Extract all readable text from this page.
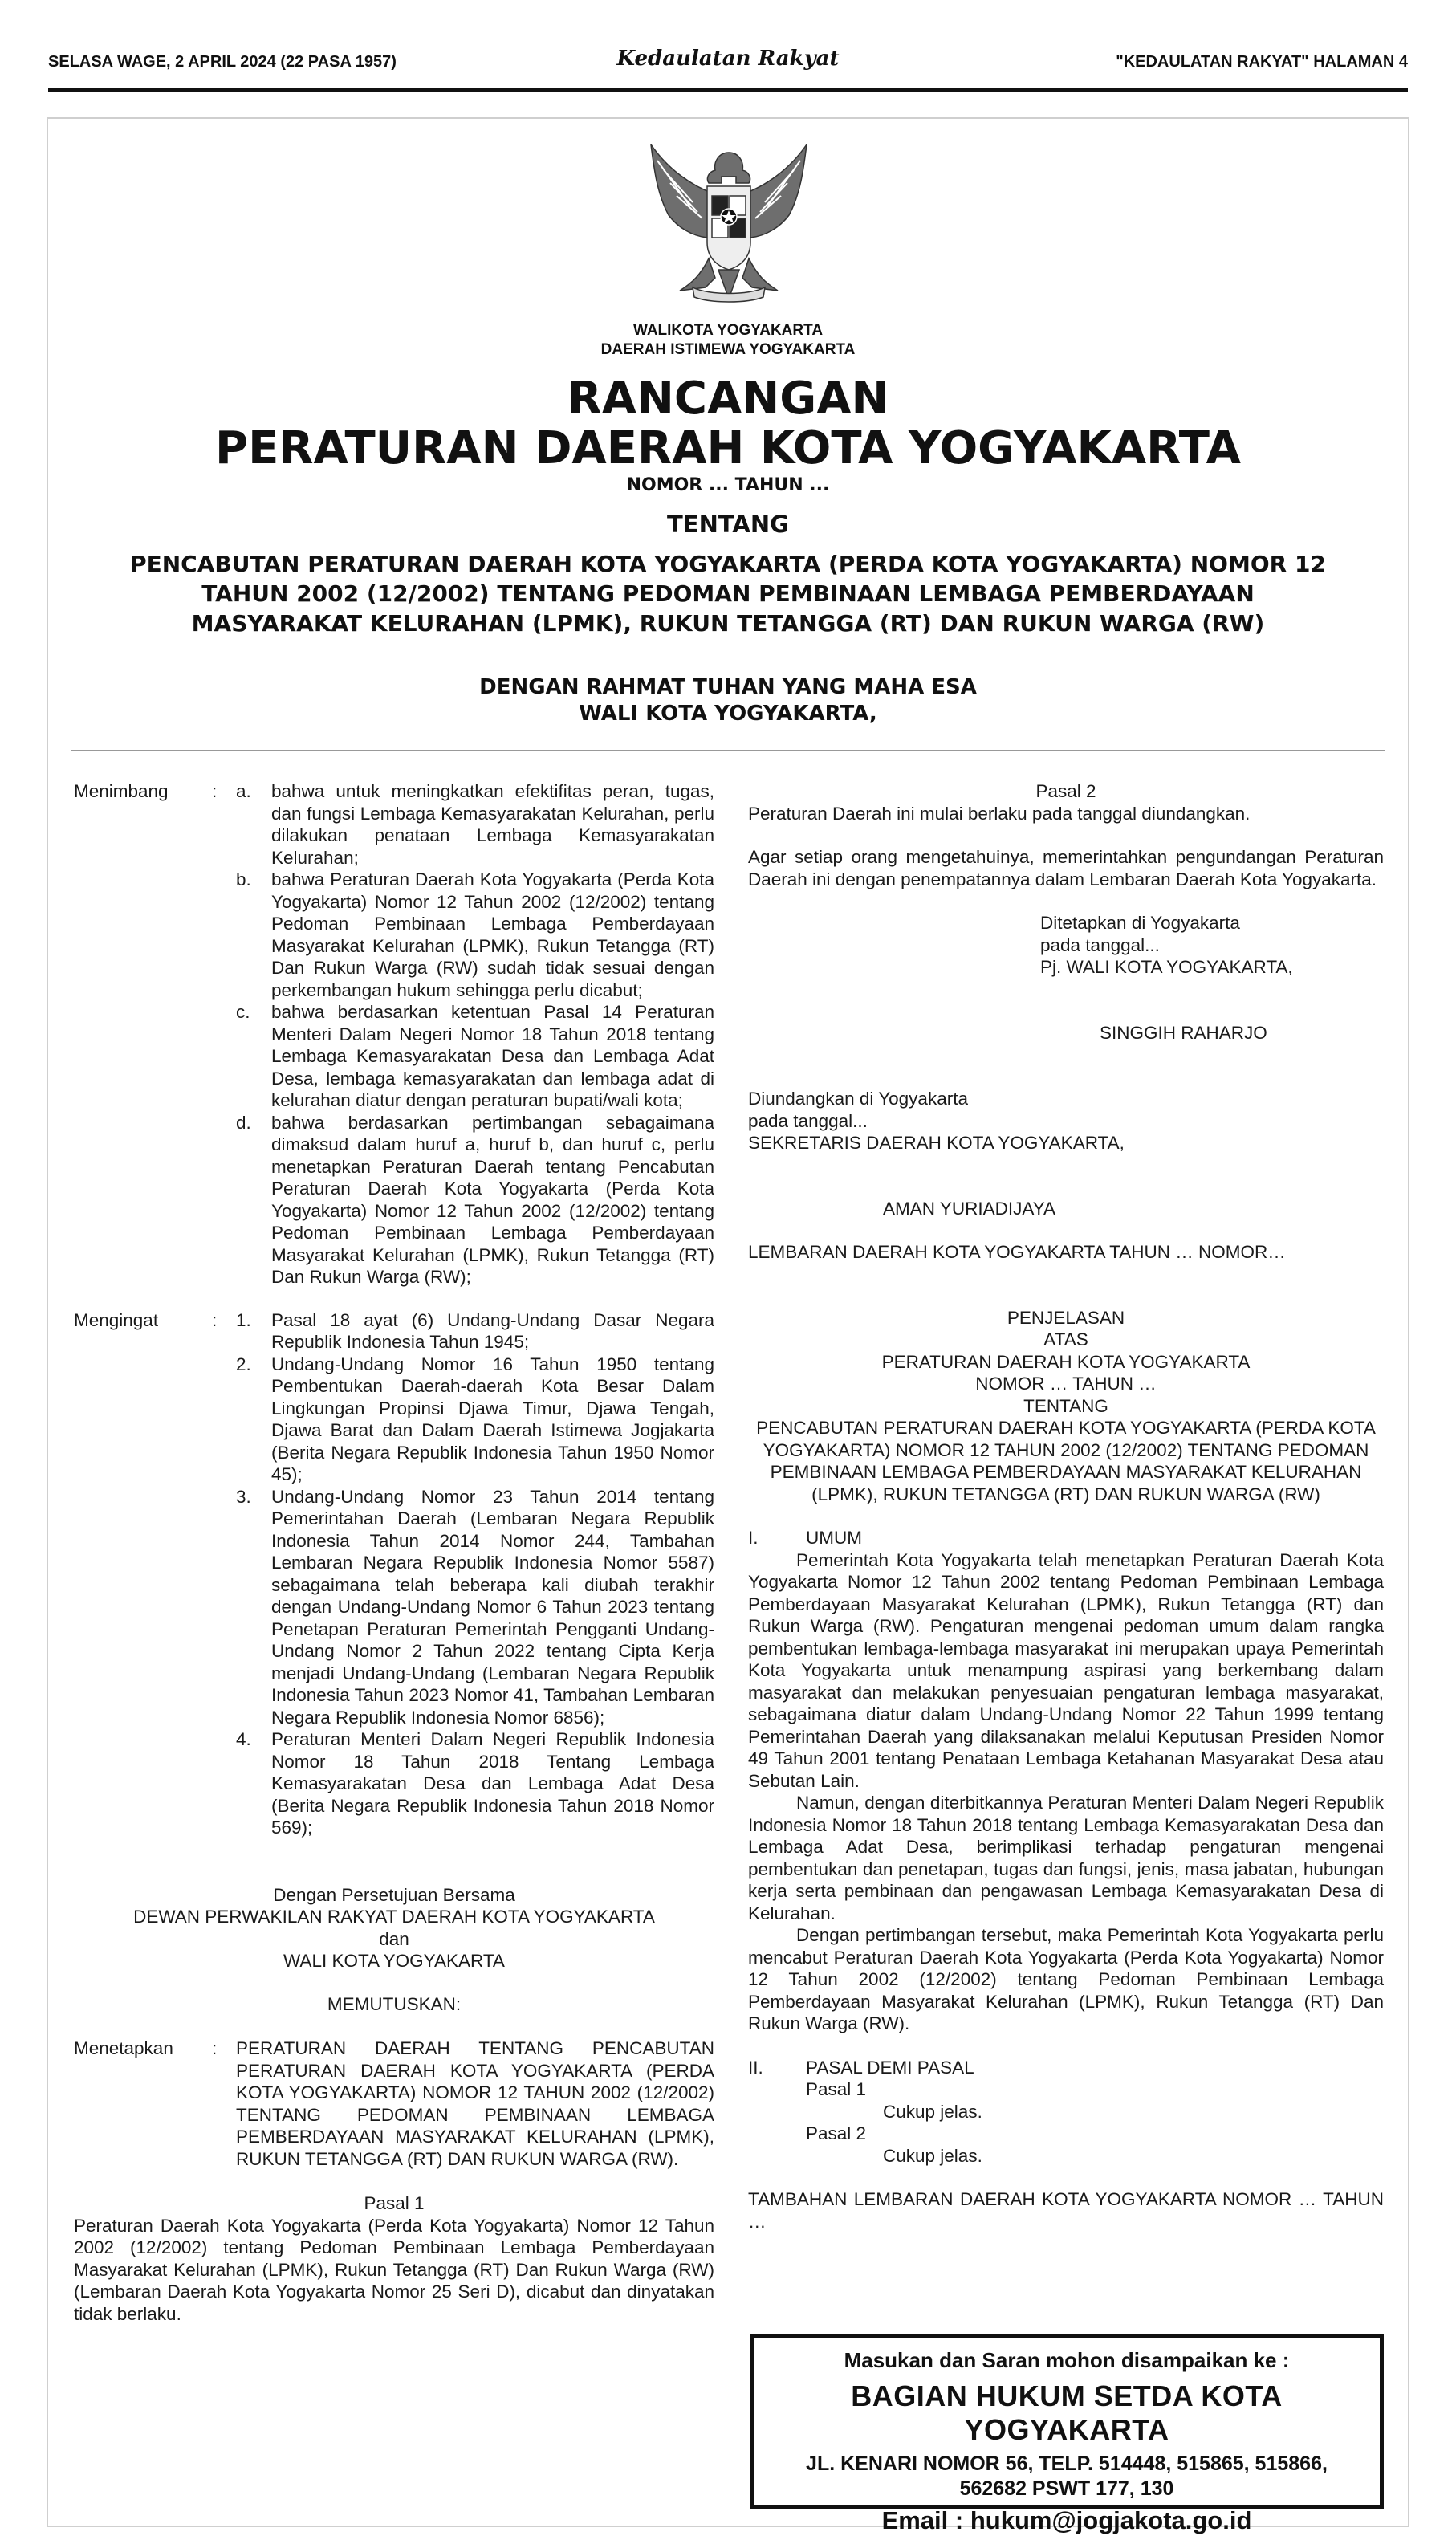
SELASA WAGE, 2 APRIL 2024 (22 PASA 1957)	Kedaulatan Rakyat	"KEDAULATAN RAKYAT" HALAMAN 4
WALIKOTA YOGYAKARTA
DAERAH ISTIMEWA YOGYAKARTA
RANCANGAN
PERATURAN DAERAH KOTA YOGYAKARTA
NOMOR ... TAHUN ...
TENTANG
PENCABUTAN PERATURAN DAERAH KOTA YOGYAKARTA (PERDA KOTA YOGYAKARTA) NOMOR 12 TAHUN 2002 (12/2002) TENTANG PEDOMAN PEMBINAAN LEMBAGA PEMBERDAYAAN MASYARAKAT KELURAHAN (LPMK), RUKUN TETANGGA (RT) DAN RUKUN WARGA (RW)
DENGAN RAHMAT TUHAN YANG MAHA ESA
WALI KOTA YOGYAKARTA,
Menimbang	:	a.	bahwa untuk meningkatkan efektifitas peran, tugas, dan fungsi Lembaga Kemasyarakatan Kelurahan, perlu dilakukan penataan Lembaga Kemasyarakatan Kelurahan;
b.	bahwa Peraturan Daerah Kota Yogyakarta (Perda Kota Yogyakarta) Nomor 12 Tahun 2002 (12/2002) tentang Pedoman Pembinaan Lembaga Pemberdayaan Masyarakat Kelurahan (LPMK), Rukun Tetangga (RT) Dan Rukun Warga (RW) sudah tidak sesuai dengan perkembangan hukum sehingga perlu dicabut;
c.	bahwa berdasarkan ketentuan Pasal 14 Peraturan Menteri Dalam Negeri Nomor 18 Tahun 2018 tentang Lembaga Kemasyarakatan Desa dan Lembaga Adat Desa, lembaga kemasyarakatan dan lembaga adat di kelurahan diatur dengan peraturan bupati/wali kota;
d.	bahwa berdasarkan pertimbangan sebagaimana dimaksud dalam huruf a, huruf b, dan huruf c, perlu menetapkan Peraturan Daerah tentang Pencabutan Peraturan Daerah Kota Yogyakarta (Perda Kota Yogyakarta) Nomor 12 Tahun 2002 (12/2002) tentang Pedoman Pembinaan Lembaga Pemberdayaan Masyarakat Kelurahan (LPMK), Rukun Tetangga (RT) Dan Rukun Warga (RW);
Mengingat	:	1.	Pasal 18 ayat (6) Undang-Undang Dasar Negara Republik Indonesia Tahun 1945;
2.	Undang-Undang Nomor 16 Tahun 1950 tentang Pembentukan Daerah-daerah Kota Besar Dalam Lingkungan Propinsi Djawa Timur, Djawa Tengah, Djawa Barat dan Dalam Daerah Istimewa Jogjakarta (Berita Negara Republik Indonesia Tahun 1950 Nomor 45);
3.	Undang-Undang Nomor 23 Tahun 2014 tentang Pemerintahan Daerah (Lembaran Negara Republik Indonesia Tahun 2014 Nomor 244, Tambahan Lembaran Negara Republik Indonesia Nomor 5587) sebagaimana telah beberapa kali diubah terakhir dengan Undang-Undang Nomor 6 Tahun 2023 tentang Penetapan Peraturan Pemerintah Pengganti Undang-Undang Nomor 2 Tahun 2022 tentang Cipta Kerja menjadi Undang-Undang (Lembaran Negara Republik Indonesia Tahun 2023 Nomor 41, Tambahan Lembaran Negara Republik Indonesia Nomor 6856);
4.	Peraturan Menteri Dalam Negeri Republik Indonesia Nomor 18 Tahun 2018 Tentang Lembaga Kemasyarakatan Desa dan Lembaga Adat Desa (Berita Negara Republik Indonesia Tahun 2018 Nomor 569);
Dengan Persetujuan Bersama
DEWAN PERWAKILAN RAKYAT DAERAH KOTA YOGYAKARTA
dan
WALI KOTA YOGYAKARTA
MEMUTUSKAN:
Menetapkan	:	PERATURAN DAERAH TENTANG PENCABUTAN PERATURAN DAERAH KOTA YOGYAKARTA (PERDA KOTA YOGYAKARTA) NOMOR 12 TAHUN 2002 (12/2002) TENTANG PEDOMAN PEMBINAAN LEMBAGA PEMBERDAYAAN MASYARAKAT KELURAHAN (LPMK), RUKUN TETANGGA (RT) DAN RUKUN WARGA (RW).
Pasal 1

Peraturan Daerah Kota Yogyakarta (Perda Kota Yogyakarta) Nomor 12 Tahun 2002 (12/2002) tentang Pedoman Pembinaan Lembaga Pemberdayaan Masyarakat Kelurahan (LPMK), Rukun Tetangga (RT) Dan Rukun Warga (RW) (Lembaran Daerah Kota Yogyakarta Nomor 25 Seri D), dicabut dan dinyatakan tidak berlaku.

Pasal 2

Peraturan Daerah ini mulai berlaku pada tanggal diundangkan.

Agar setiap orang mengetahuinya, memerintahkan pengundangan Peraturan Daerah ini dengan penempatannya dalam Lembaran Daerah Kota Yogyakarta.

Ditetapkan di Yogyakarta
pada tanggal...
Pj. WALI KOTA YOGYAKARTA,
SINGGIH RAHARJO
Diundangkan di Yogyakarta
pada tanggal...
SEKRETARIS DAERAH KOTA YOGYAKARTA,
AMAN YURIADIJAYA
LEMBARAN DAERAH KOTA YOGYAKARTA TAHUN … NOMOR…
PENJELASAN
ATAS
PERATURAN DAERAH KOTA YOGYAKARTA
NOMOR … TAHUN …
TENTANG
PENCABUTAN PERATURAN DAERAH KOTA YOGYAKARTA (PERDA KOTA YOGYAKARTA) NOMOR 12 TAHUN 2002 (12/2002) TENTANG PEDOMAN PEMBINAAN LEMBAGA PEMBERDAYAAN MASYARAKAT KELURAHAN (LPMK), RUKUN TETANGGA (RT) DAN RUKUN WARGA (RW)
I.	UMUM

Pemerintah Kota Yogyakarta telah menetapkan Peraturan Daerah Kota Yogyakarta Nomor 12 Tahun 2002 tentang Pedoman Pembinaan Lembaga Pemberdayaan Masyarakat Kelurahan (LPMK), Rukun Tetangga (RT) dan Rukun Warga (RW). Pengaturan mengenai pedoman umum dalam rangka pembentukan lembaga-lembaga masyarakat ini merupakan upaya Pemerintah Kota Yogyakarta untuk menampung aspirasi yang berkembang dalam masyarakat dan melakukan penyesuaian pengaturan lembaga masyarakat, sebagaimana diatur dalam Undang-Undang Nomor 22 Tahun 1999 tentang Pemerintahan Daerah yang dilaksanakan melalui Keputusan Presiden Nomor 49 Tahun 2001 tentang Penataan Lembaga Ketahanan Masyarakat Desa atau Sebutan Lain.

Namun, dengan diterbitkannya Peraturan Menteri Dalam Negeri Republik Indonesia Nomor 18 Tahun 2018 tentang Lembaga Kemasyarakatan Desa dan Lembaga Adat Desa, berimplikasi terhadap pengaturan mengenai pembentukan dan penetapan, tugas dan fungsi, jenis, masa jabatan, hubungan kerja serta pembinaan dan pengawasan Lembaga Kemasyarakatan Desa di Kelurahan.

Dengan pertimbangan tersebut, maka Pemerintah Kota Yogyakarta perlu mencabut Peraturan Daerah Kota Yogyakarta (Perda Kota Yogyakarta) Nomor 12 Tahun 2002 (12/2002) tentang Pedoman Pembinaan Lembaga Pemberdayaan Masyarakat Kelurahan (LPMK), Rukun Tetangga (RT) Dan Rukun Warga (RW).

II.	PASAL DEMI PASAL
Pasal 1
Cukup jelas.
Pasal 2
Cukup jelas.

TAMBAHAN LEMBARAN DAERAH KOTA YOGYAKARTA NOMOR … TAHUN …

Masukan dan Saran mohon disampaikan ke :
BAGIAN HUKUM SETDA KOTA YOGYAKARTA
JL. KENARI NOMOR 56, TELP. 514448, 515865, 515866,
562682 PSWT 177, 130
Email : hukum@jogjakota.go.id
